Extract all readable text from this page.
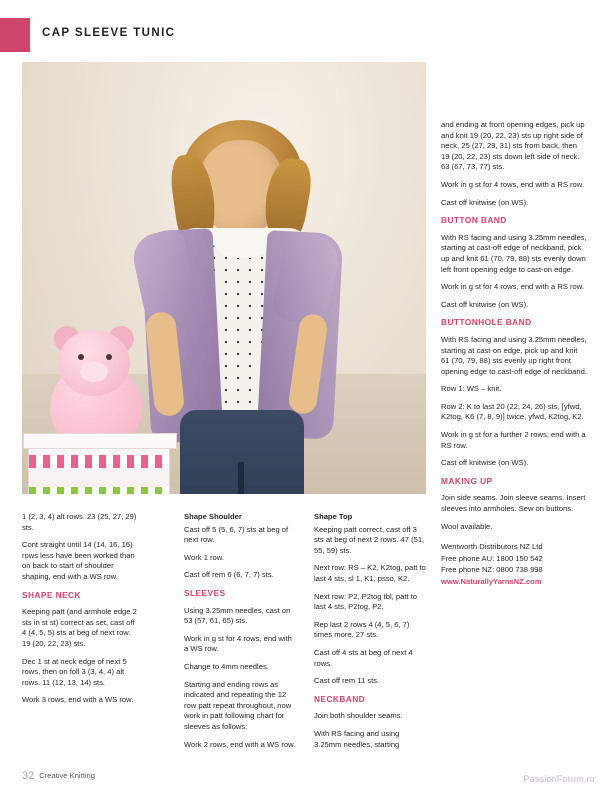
CAP SLEEVE TUNIC

1 (2, 3, 4) alt rows. 23 (25, 27, 29) sts.

Cont straight until 14 (14, 16, 16) rows less have been worked than on back to start of shoulder shaping, end with a WS row.

SHAPE NECK

Keeping patt (and armhole edge 2 sts in st st) correct as set, cast off 4 (4, 5, 5) sts at beg of next row. 19 (20, 22, 23) sts.

Dec 1 st at neck edge of next 5 rows, then on foll 3 (3, 4, 4) alt rows. 11 (12, 13, 14) sts.

Work 3 rows, end with a WS row.

Shape Shoulder

Cast off 5 (5, 6, 7) sts at beg of next row.

Work 1 row.

Cast off rem 6 (6, 7, 7) sts.

SLEEVES

Using 3.25mm needles, cast on 53 (57, 61, 65) sts.

Work in g st for 4 rows, end with a WS row.

Change to 4mm needles.

Starting and ending rows as indicated and repeating the 12 row patt repeat throughout, now work in patt following chart for sleeves as follows:

Work 2 rows, end with a WS row.

Shape Top

Keeping patt correct, cast off 3 sts at beg of next 2 rows. 47 (51, 55, 59) sts.

Next row: RS – K2, K2tog, patt to last 4 sts, sl 1, K1, psso, K2.

Next row: P2, P2tog tbl, patt to last 4 sts, P2tog, P2.

Rep last 2 rows 4 (4, 5, 6, 7) times more. 27 sts.

Cast off 4 sts at beg of next 4 rows.

Cast off rem 11 sts.

NECKBAND

Join both shoulder seams.

With RS facing and using 3.25mm needles, starting

and ending at front opening edges, pick up and knit 19 (20, 22, 23) sts up right side of neck, 25 (27, 29, 31) sts from back, then 19 (20, 22, 23) sts down left side of neck. 63 (67, 73, 77) sts.

Work in g st for 4 rows, end with a RS row.

Cast off knitwise (on WS).

BUTTON BAND

With RS facing and using 3.25mm needles, starting at cast-off edge of neckband, pick up and knit 61 (70, 79, 88) sts evenly down left front opening edge to cast-on edge.

Work in g st for 4 rows, end with a RS row.

Cast off knitwise (on WS).

BUTTONHOLE BAND

With RS facing and using 3.25mm needles, starting at cast-on edge, pick up and knit 61 (70, 79, 88) sts evenly up right front opening edge to cast-off edge of neckband.

Row 1: WS – knit.

Row 2: K to last 20 (22, 24, 26) sts, [yfwd, K2tog, K6 (7, 8, 9)] twice, yfwd, K2tog, K2.

Work in g st for a further 2 rows, end with a RS row.

Cast off knitwise (on WS).

MAKING UP

Join side seams. Join sleeve seams. Insert sleeves into armholes. Sew on buttons.

Wool available.

Wentworth Distributors NZ Ltd

Free phone AU: 1800 150 542

Free phone NZ: 0800 738 998

www.NaturallyYarnsNZ.com

32 Creative Knitting	PassionForum.ru
